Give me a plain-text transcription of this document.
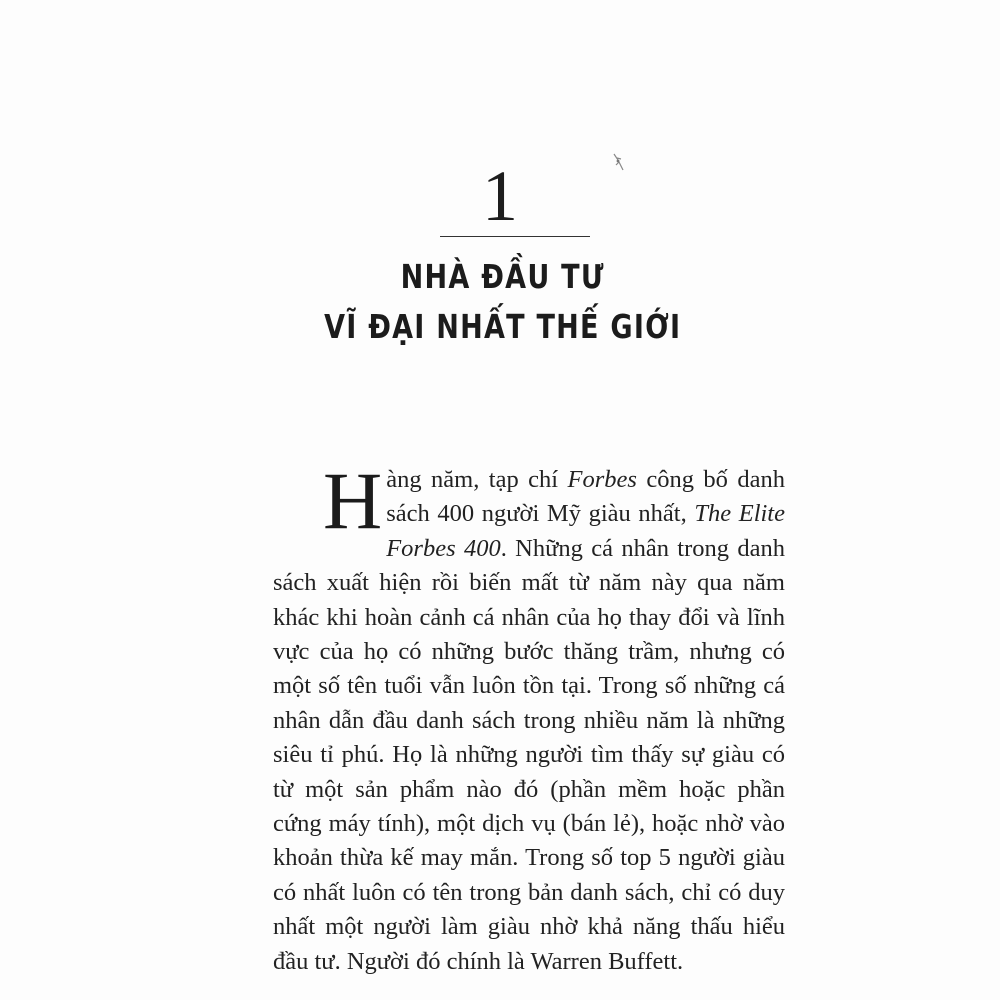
1
NHÀ ĐẦU TƯ
VĨ ĐẠI NHẤT THẾ GIỚI

Hàng năm, tạp chí Forbes công bố danh sách 400 người Mỹ giàu nhất, The Elite Forbes 400. Những cá nhân trong danh sách xuất hiện rồi biến mất từ năm này qua năm khác khi hoàn cảnh cá nhân của họ thay đổi và lĩnh vực của họ có những bước thăng trầm, nhưng có một số tên tuổi vẫn luôn tồn tại. Trong số những cá nhân dẫn đầu danh sách trong nhiều năm là những siêu tỉ phú. Họ là những người tìm thấy sự giàu có từ một sản phẩm nào đó (phần mềm hoặc phần cứng máy tính), một dịch vụ (bán lẻ), hoặc nhờ vào khoản thừa kế may mắn. Trong số top 5 người giàu có nhất luôn có tên trong bản danh sách, chỉ có duy nhất một người làm giàu nhờ khả năng thấu hiểu đầu tư. Người đó chính là Warren Buffett.
